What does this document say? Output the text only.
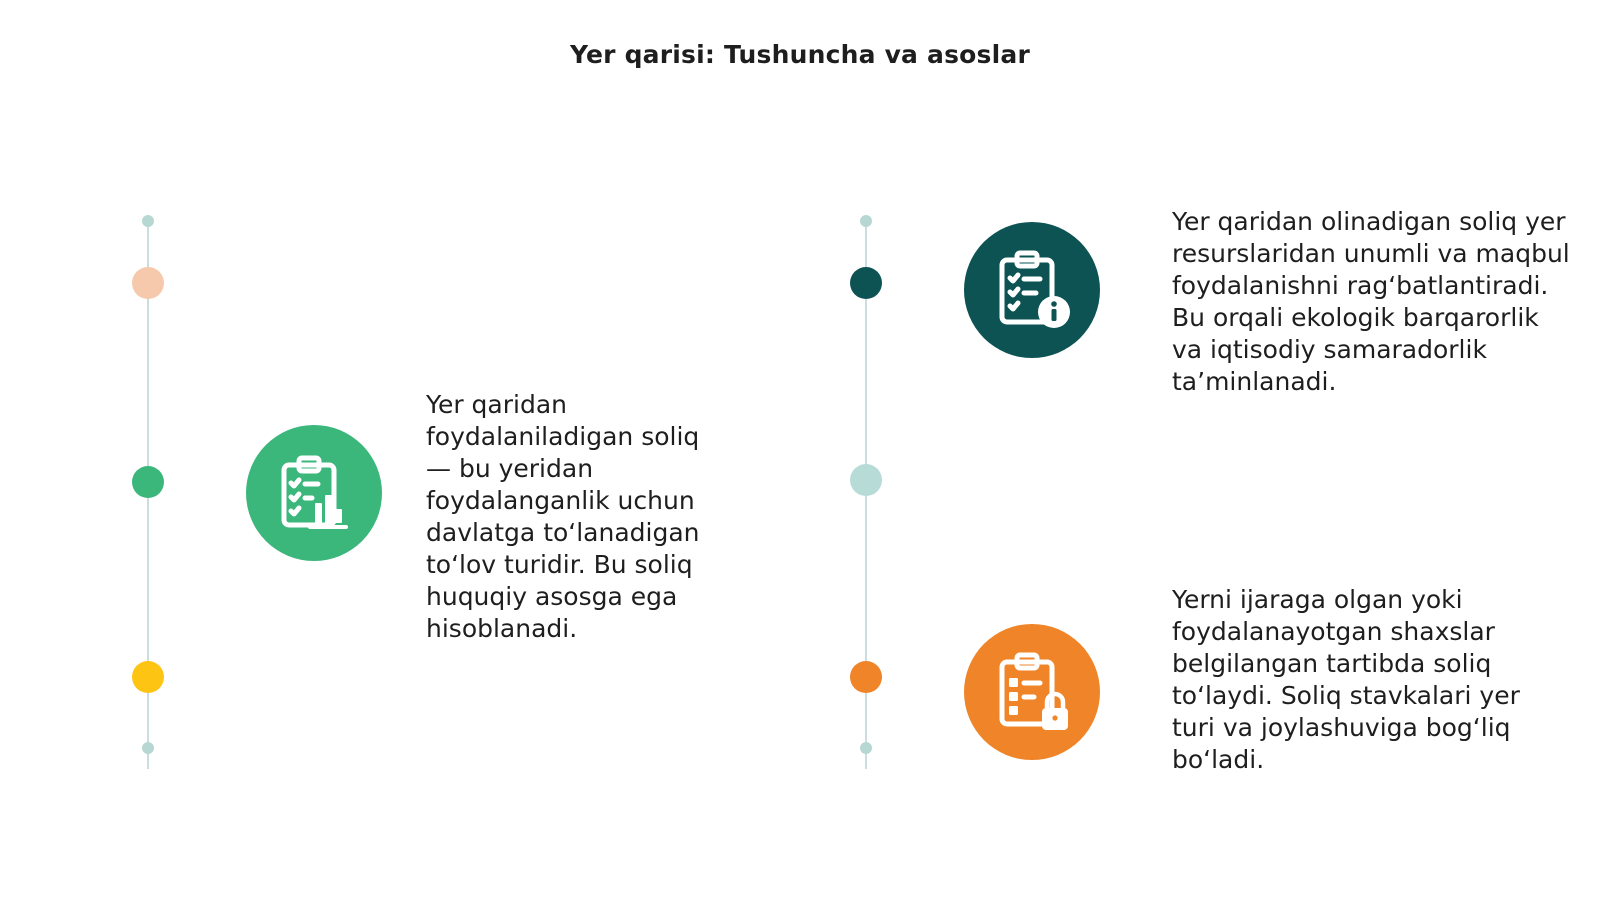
Yer qarisi: Tushuncha va asoslar
Yer qaridan foydalaniladigan soliq — bu yeridan foydalanganlik uchun davlatga to‘lanadigan to‘lov turidir. Bu soliq huquqiy asosga ega hisoblanadi.
Yer qaridan olinadigan soliq yer resurslaridan unumli va maqbul foydalanishni rag‘batlantiradi. Bu orqali ekologik barqarorlik va iqtisodiy samaradorlik ta’minlanadi.
Yerni ijaraga olgan yoki foydalanayotgan shaxslar belgilangan tartibda soliq to‘laydi. Soliq stavkalari yer turi va joylashuviga bog‘liq bo‘ladi.
